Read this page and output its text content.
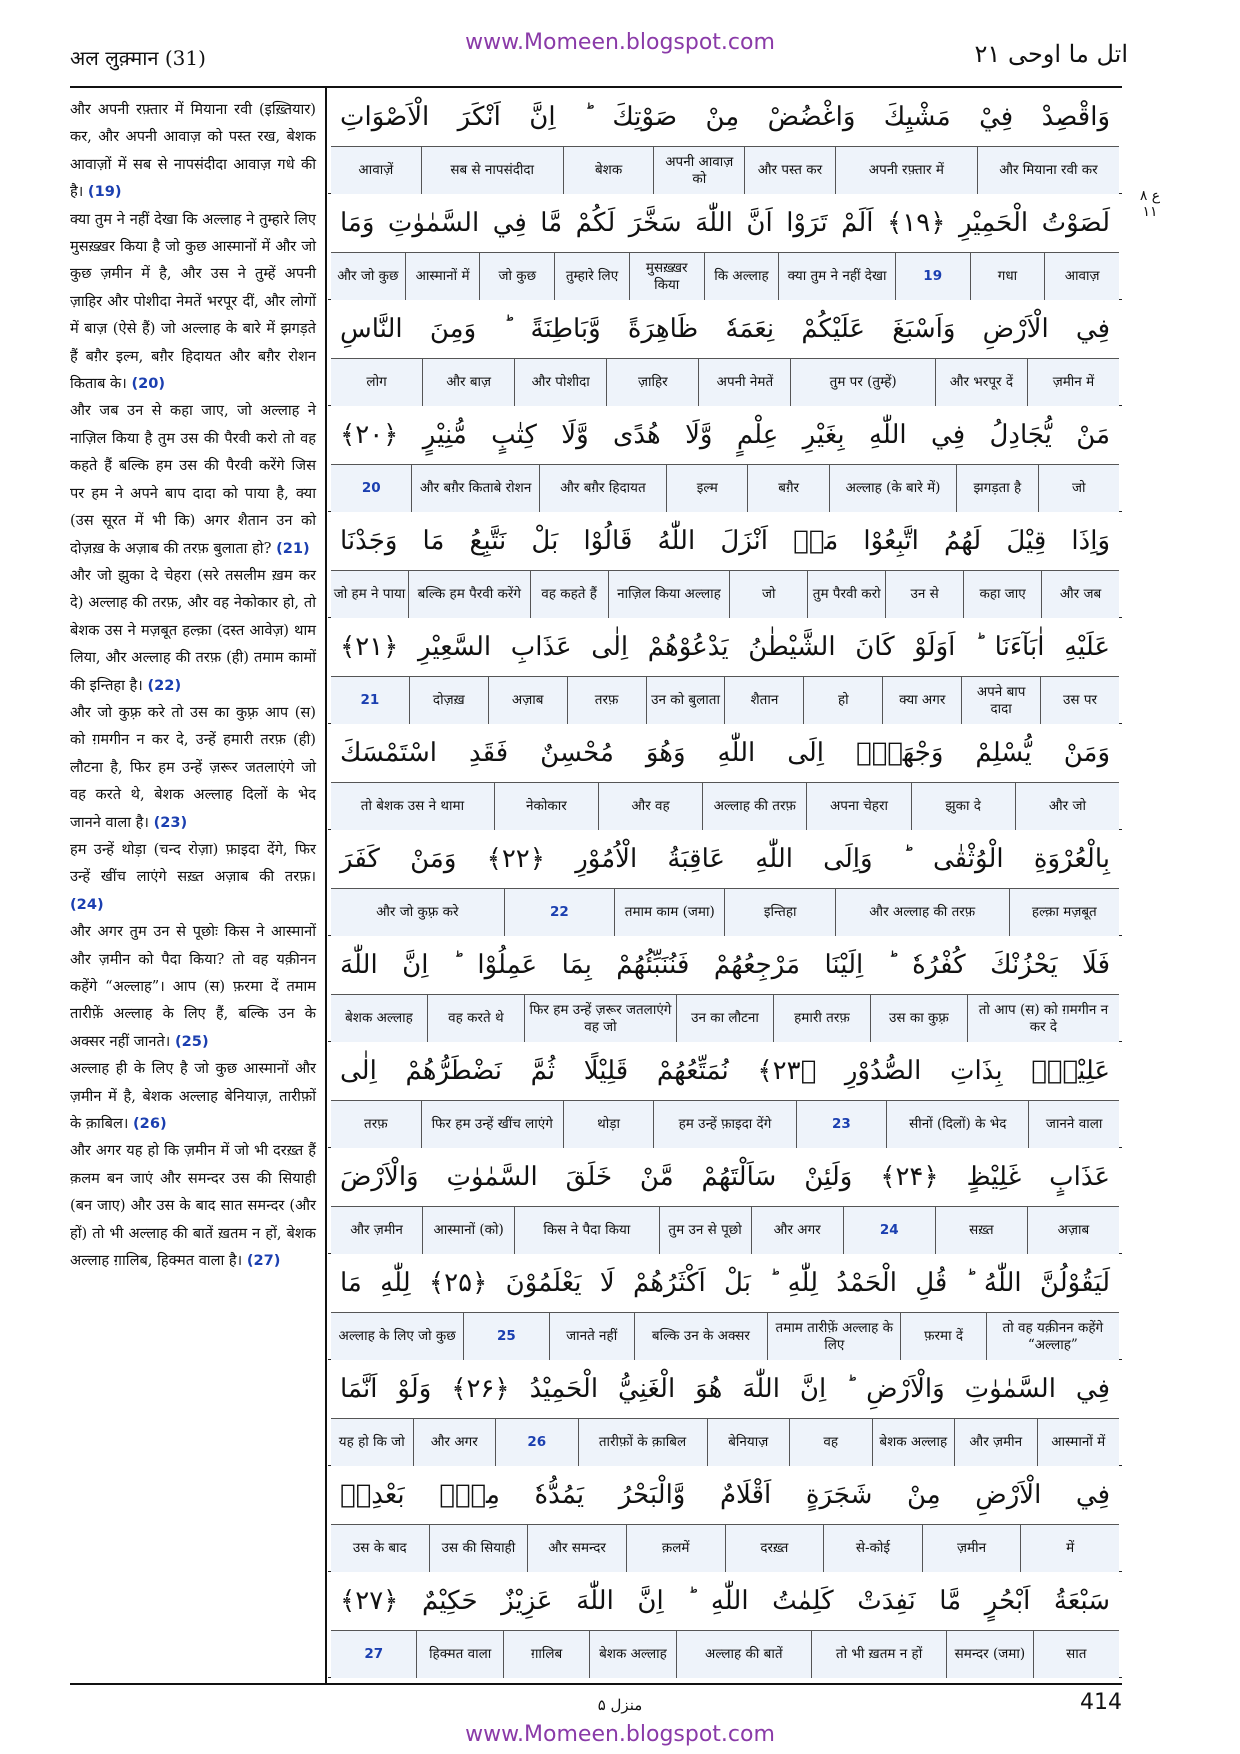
www.Momeen.blogspot.com
अल लुक़्मान (31)	اتل ما اوحی ۲۱
ع ۸ ۱۱
और अपनी रफ़्तार में मियाना रवी (इख़्तियार) कर, और अपनी आवाज़ को पस्त रख, बेशक आवाज़ों में सब से नापसंदीदा आवाज़ गधे की है। (19)
क्या तुम ने नहीं देखा कि अल्लाह ने तुम्हारे लिए मुसख़्ख़र किया है जो कुछ आस्मानों में और जो कुछ ज़मीन में है, और उस ने तुम्हें अपनी ज़ाहिर और पोशीदा नेमतें भरपूर दीं, और लोगों में बाज़ (ऐसे हैं) जो अल्लाह के बारे में झगड़ते हैं बग़ैर इल्म, बग़ैर हिदायत और बग़ैर रोशन किताब के। (20)
और जब उन से कहा जाए, जो अल्लाह ने नाज़िल किया है तुम उस की पैरवी करो तो वह कहते हैं बल्कि हम उस की पैरवी करेंगे जिस पर हम ने अपने बाप दादा को पाया है, क्या (उस सूरत में भी कि) अगर शैतान उन को दोज़ख़ के अज़ाब की तरफ़ बुलाता हो? (21)
और जो झुका दे चेहरा (सरे तसलीम ख़म कर दे) अल्लाह की तरफ़, और वह नेकोकार हो, तो बेशक उस ने मज़बूत हल्क़ा (दस्त आवेज़) थाम लिया, और अल्लाह की तरफ़ (ही) तमाम कामों की इन्तिहा है। (22)
और जो कुफ़्र करे तो उस का कुफ़्र आप (स) को ग़मगीन न कर दे, उन्हें हमारी तरफ़ (ही) लौटना है, फिर हम उन्हें ज़रूर जतलाएंगे जो वह करते थे, बेशक अल्लाह दिलों के भेद जानने वाला है। (23)
हम उन्हें थोड़ा (चन्द रोज़ा) फ़ाइदा देंगे, फिर उन्हें खींच लाएंगे सख़्त अज़ाब की तरफ़। (24)
और अगर तुम उन से पूछोः किस ने आस्मानों और ज़मीन को पैदा किया? तो वह यक़ीनन कहेंगे “अल्लाह”। आप (स) फ़रमा दें तमाम तारीफ़ें अल्लाह के लिए हैं, बल्कि उन के अक्सर नहीं जानते। (25)
अल्लाह ही के लिए है जो कुछ आस्मानों और ज़मीन में है, बेशक अल्लाह बेनियाज़, तारीफ़ों के क़ाबिल। (26)
और अगर यह हो कि ज़मीन में जो भी दरख़्त हैं क़लम बन जाएं और समन्दर उस की सियाही (बन जाए) और उस के बाद सात समन्दर (और हों) तो भी अल्लाह की बातें ख़तम न हों, बेशक अल्लाह ग़ालिब, हिक्मत वाला है। (27)

وَاقْصِدْ فِيْ مَشْيِكَ وَاغْضُضْ مِنْ صَوْتِكَ ؕ اِنَّ اَنْكَرَ الْاَصْوَاتِ
और मियाना रवी कर
अपनी रफ़्तार में
और पस्त कर
अपनी आवाज़ को
बेशक
सब से नापसंदीदा
आवाज़ें
لَصَوْتُ الْحَمِيْرِ ﴿۱۹﴾ اَلَمْ تَرَوْا اَنَّ اللّٰهَ سَخَّرَ لَكُمْ مَّا فِي السَّمٰوٰتِ وَمَا
आवाज़
गधा
19
क्या तुम ने नहीं देखा
कि अल्लाह
मुसख़्ख़र किया
तुम्हारे लिए
जो कुछ
आस्मानों में
और जो कुछ
فِي الْاَرْضِ وَاَسْبَغَ عَلَيْكُمْ نِعَمَهٗ ظَاهِرَةً وَّبَاطِنَةً ؕ وَمِنَ النَّاسِ
ज़मीन में
और भरपूर दें
तुम पर (तुम्हें)
अपनी नेमतें
ज़ाहिर
और पोशीदा
और बाज़
लोग
مَنْ يُّجَادِلُ فِي اللّٰهِ بِغَيْرِ عِلْمٍ وَّلَا هُدًى وَّلَا كِتٰبٍ مُّنِيْرٍ ﴿۲۰﴾
जो
झगड़ता है
अल्लाह (के बारे में)
बग़ैर
इल्म
और बग़ैर हिदायत
और बग़ैर किताबे रोशन
20
وَاِذَا قِيْلَ لَهُمُ اتَّبِعُوْا مَاۤ اَنْزَلَ اللّٰهُ قَالُوْا بَلْ نَتَّبِعُ مَا وَجَدْنَا
और जब
कहा जाए
उन से
तुम पैरवी करो
जो
नाज़िल किया अल्लाह
वह कहते हैं
बल्कि हम पैरवी करेंगे
जो हम ने पाया
عَلَيْهِ اٰبَآءَنَا ؕ اَوَلَوْ كَانَ الشَّيْطٰنُ يَدْعُوْهُمْ اِلٰى عَذَابِ السَّعِيْرِ ﴿۲۱﴾
उस पर
अपने बाप दादा
क्या अगर
हो
शैतान
उन को बुलाता
तरफ़
अज़ाब
दोज़ख़
21
وَمَنْ يُّسْلِمْ وَجْهَهٗۤ اِلَى اللّٰهِ وَهُوَ مُحْسِنٌ فَقَدِ اسْتَمْسَكَ
और जो
झुका दे
अपना चेहरा
अल्लाह की तरफ़
और वह
नेकोकार
तो बेशक उस ने थामा
بِالْعُرْوَةِ الْوُثْقٰى ؕ وَاِلَى اللّٰهِ عَاقِبَةُ الْاُمُوْرِ ﴿۲۲﴾ وَمَنْ كَفَرَ
हल्क़ा मज़बूत
और अल्लाह की तरफ़
इन्तिहा
तमाम काम (जमा)
22
और जो कुफ़्र करे
فَلَا يَحْزُنْكَ كُفْرُهٗ ؕ اِلَيْنَا مَرْجِعُهُمْ فَنُنَبِّئُهُمْ بِمَا عَمِلُوْا ؕ اِنَّ اللّٰهَ
तो आप (स) को ग़मगीन न कर दे
उस का कुफ़्र
हमारी तरफ़
उन का लौटना
फिर हम उन्हें ज़रूर जतलाएंगे वह जो
वह करते थे
बेशक अल्लाह
عَلِيْمٌۢ بِذَاتِ الصُّدُوْرِ ﴿۲۳﴾ نُمَتِّعُهُمْ قَلِيْلًا ثُمَّ نَضْطَرُّهُمْ اِلٰى
जानने वाला
सीनों (दिलों) के भेद
23
हम उन्हें फ़ाइदा देंगे
थोड़ा
फिर हम उन्हें खींच लाएंगे
तरफ़
عَذَابٍ غَلِيْظٍ ﴿۲۴﴾ وَلَئِنْ سَاَلْتَهُمْ مَّنْ خَلَقَ السَّمٰوٰتِ وَالْاَرْضَ
अज़ाब
सख़्त
24
और अगर
तुम उन से पूछो
किस ने पैदा किया
आस्मानों (को)
और ज़मीन
لَيَقُوْلُنَّ اللّٰهُ ؕ قُلِ الْحَمْدُ لِلّٰهِ ؕ بَلْ اَكْثَرُهُمْ لَا يَعْلَمُوْنَ ﴿۲۵﴾ لِلّٰهِ مَا
तो वह यक़ीनन कहेंगे “अल्लाह”
फ़रमा दें
तमाम तारीफ़ें अल्लाह के लिए
बल्कि उन के अक्सर
जानते नहीं
25
अल्लाह के लिए जो कुछ
فِي السَّمٰوٰتِ وَالْاَرْضِ ؕ اِنَّ اللّٰهَ هُوَ الْغَنِيُّ الْحَمِيْدُ ﴿۲۶﴾ وَلَوْ اَنَّمَا
आस्मानों में
और ज़मीन
बेशक अल्लाह
वह
बेनियाज़
तारीफ़ों के क़ाबिल
26
और अगर
यह हो कि जो
فِي الْاَرْضِ مِنْ شَجَرَةٍ اَقْلَامٌ وَّالْبَحْرُ يَمُدُّهٗ مِنْۢ بَعْدِهٖ
में
ज़मीन
से-कोई
दरख़्त
क़लमें
और समन्दर
उस की सियाही
उस के बाद
سَبْعَةُ اَبْحُرٍ مَّا نَفِدَتْ كَلِمٰتُ اللّٰهِ ؕ اِنَّ اللّٰهَ عَزِيْزٌ حَكِيْمٌ ﴿۲۷﴾
सात
समन्दर (जमा)
तो भी ख़तम न हों
अल्लाह की बातें
बेशक अल्लाह
ग़ालिब
हिक्मत वाला
27
منزل ۵	414
www.Momeen.blogspot.com
